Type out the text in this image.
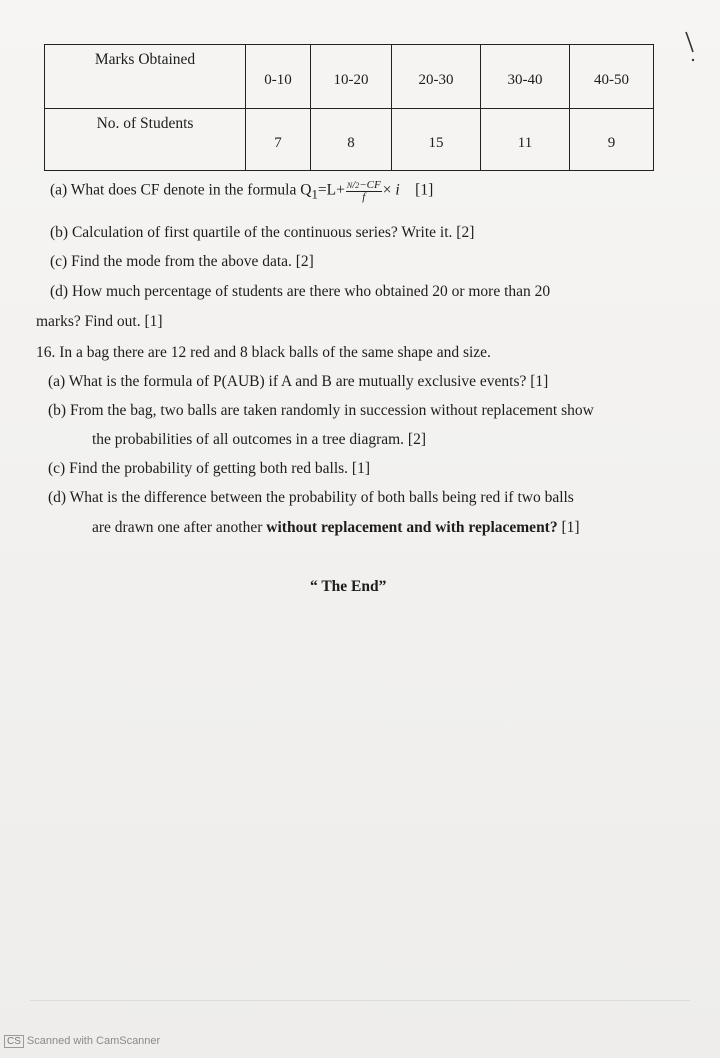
Marks Obtained	0-10	10-20	20-30	30-40	40-50
No. of Students	7	8	15	11	9
(a) What does CF denote in the formula $Q_1=L+ \frac{N/2-CF}{f} \times i$ [1]
(b) Calculation of first quartile of the continuous series? Write it. [2]
(c) Find the mode from the above data. [2]
(d) How much percentage of students are there who obtained 20 or more than 20
marks? Find out. [1]
16. In a bag there are 12 red and 8 black balls of the same shape and size.
(a) What is the formula of P(AUB) if A and B are mutually exclusive events? [1]
(b) From the bag, two balls are taken randomly in succession without replacement show
the probabilities of all outcomes in a tree diagram. [2]
(c) Find the probability of getting both red balls. [1]
(d) What is the difference between the probability of both balls being red if two balls
are drawn one after another without replacement and with replacement? [1]
“ The End”
CS Scanned with CamScanner
